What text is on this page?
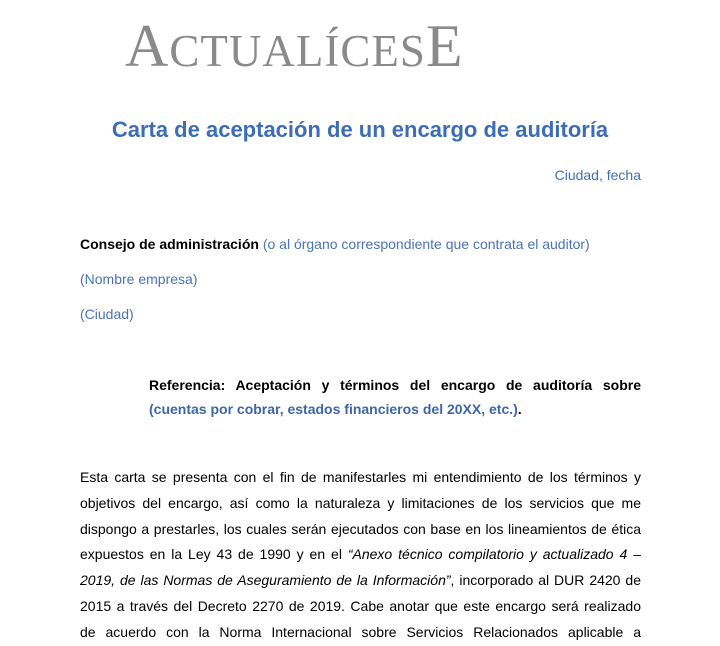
ACTUALÍCESE
Carta de aceptación de un encargo de auditoría
Ciudad, fecha
Consejo de administración (o al órgano correspondiente que contrata el auditor)
(Nombre empresa)
(Ciudad)
Referencia: Aceptación y términos del encargo de auditoría sobre
(cuentas por cobrar, estados financieros del 20XX, etc.).
Esta carta se presenta con el fin de manifestarles mi entendimiento de los términos y
objetivos del encargo, así como la naturaleza y limitaciones de los servicios que me
dispongo a prestarles, los cuales serán ejecutados con base en los lineamientos de ética
expuestos en la Ley 43 de 1990 y en el “Anexo técnico compilatorio y actualizado 4 –
2019, de las Normas de Aseguramiento de la Información”, incorporado al DUR 2420 de
2015 a través del Decreto 2270 de 2019. Cabe anotar que este encargo será realizado
de acuerdo con la Norma Internacional sobre Servicios Relacionados aplicable a
